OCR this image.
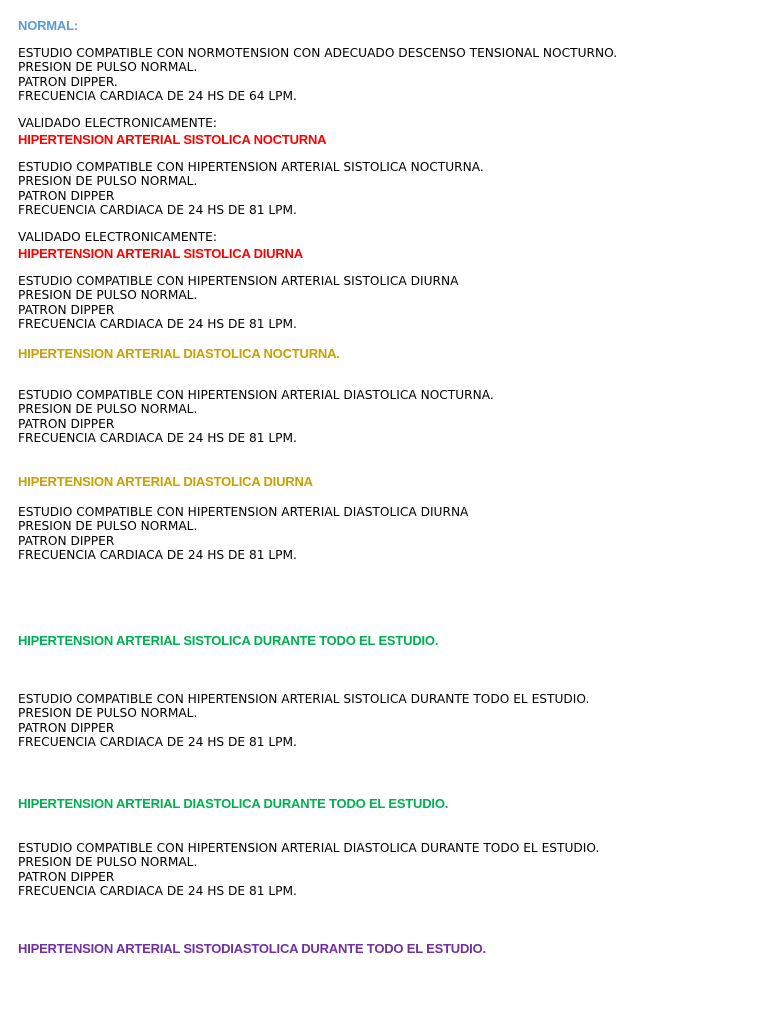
NORMAL:
ESTUDIO COMPATIBLE CON NORMOTENSION CON ADECUADO DESCENSO TENSIONAL NOCTURNO.
PRESION DE PULSO NORMAL.
PATRON DIPPER.
FRECUENCIA CARDIACA DE 24 HS DE 64 LPM.
VALIDADO ELECTRONICAMENTE:
HIPERTENSION ARTERIAL SISTOLICA NOCTURNA
ESTUDIO COMPATIBLE CON HIPERTENSION ARTERIAL SISTOLICA NOCTURNA.
PRESION DE PULSO NORMAL.
PATRON DIPPER
FRECUENCIA CARDIACA DE 24 HS DE 81 LPM.
VALIDADO ELECTRONICAMENTE:
HIPERTENSION ARTERIAL SISTOLICA DIURNA
ESTUDIO COMPATIBLE CON HIPERTENSION ARTERIAL SISTOLICA DIURNA
PRESION DE PULSO NORMAL.
PATRON DIPPER
FRECUENCIA CARDIACA DE 24 HS DE 81 LPM.
HIPERTENSION ARTERIAL DIASTOLICA NOCTURNA.
ESTUDIO COMPATIBLE CON HIPERTENSION ARTERIAL DIASTOLICA NOCTURNA.
PRESION DE PULSO NORMAL.
PATRON DIPPER
FRECUENCIA CARDIACA DE 24 HS DE 81 LPM.
HIPERTENSION ARTERIAL DIASTOLICA DIURNA
ESTUDIO COMPATIBLE CON HIPERTENSION ARTERIAL DIASTOLICA DIURNA
PRESION DE PULSO NORMAL.
PATRON DIPPER
FRECUENCIA CARDIACA DE 24 HS DE 81 LPM.
HIPERTENSION ARTERIAL SISTOLICA DURANTE TODO EL ESTUDIO.
ESTUDIO COMPATIBLE CON HIPERTENSION ARTERIAL SISTOLICA DURANTE TODO EL ESTUDIO.
PRESION DE PULSO NORMAL.
PATRON DIPPER
FRECUENCIA CARDIACA DE 24 HS DE 81 LPM.
HIPERTENSION ARTERIAL DIASTOLICA DURANTE TODO EL ESTUDIO.
ESTUDIO COMPATIBLE CON HIPERTENSION ARTERIAL DIASTOLICA DURANTE TODO EL ESTUDIO.
PRESION DE PULSO NORMAL.
PATRON DIPPER
FRECUENCIA CARDIACA DE 24 HS DE 81 LPM.
HIPERTENSION ARTERIAL SISTODIASTOLICA DURANTE TODO EL ESTUDIO.
